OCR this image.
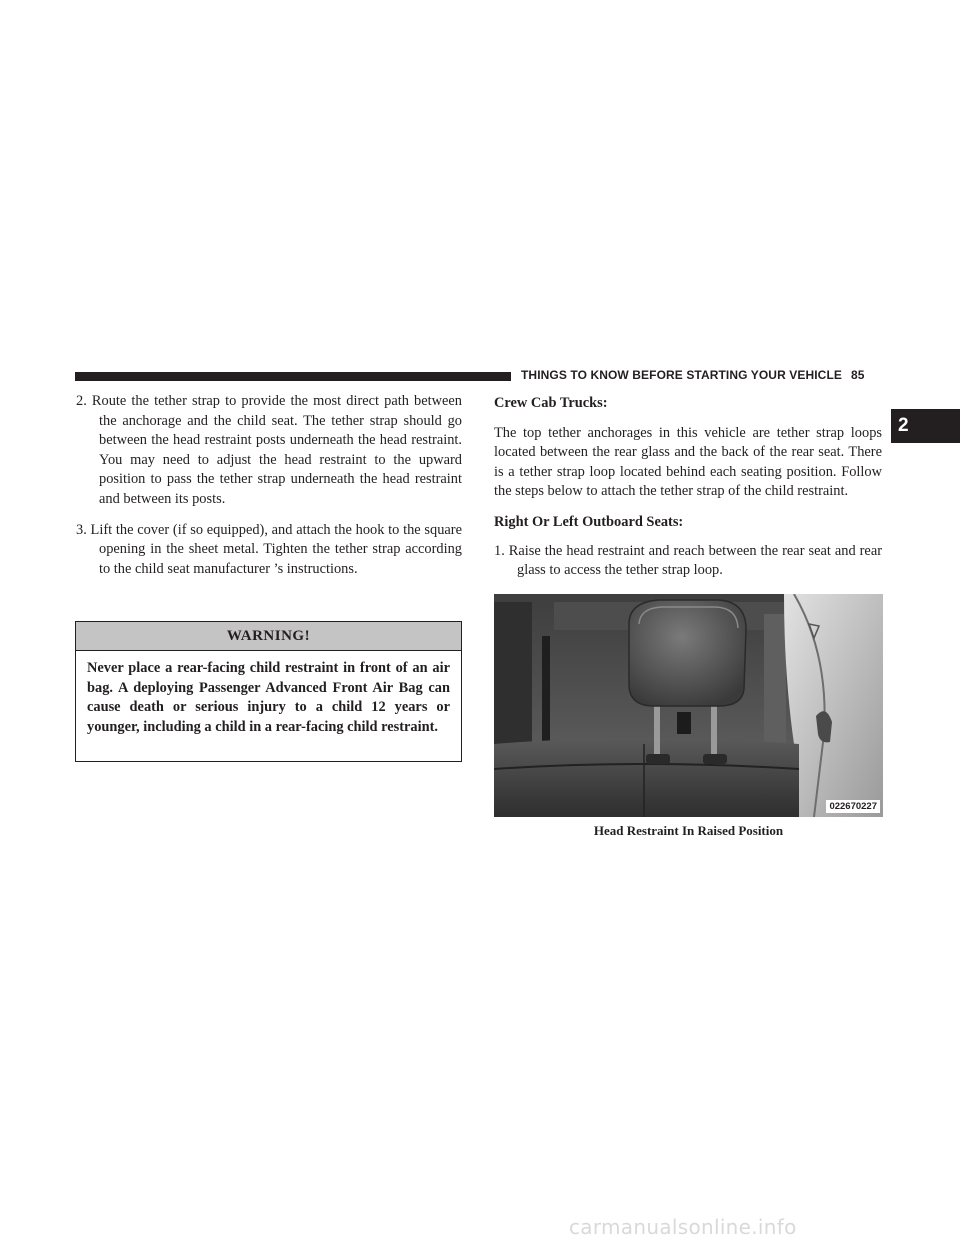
THINGS TO KNOW BEFORE STARTING YOUR VEHICLE 85
2

2. Route the tether strap to provide the most direct path between the anchorage and the child seat. The tether strap should go between the head restraint posts underneath the head restraint. You may need to adjust the head restraint to the upward position to pass the tether strap underneath the head restraint and between its posts.

3. Lift the cover (if so equipped), and attach the hook to the square opening in the sheet metal. Tighten the tether strap according to the child seat manufacturer ’s instructions.

WARNING!
Never place a rear-facing child restraint in front of an air bag. A deploying Passenger Advanced Front Air Bag can cause death or serious injury to a child 12 years or younger, including a child in a rear-facing child restraint.

Crew Cab Trucks:

The top tether anchorages in this vehicle are tether strap loops located between the rear glass and the back of the rear seat. There is a tether strap loop located behind each seating position. Follow the steps below to attach the tether strap of the child restraint.

Right Or Left Outboard Seats:

1. Raise the head restraint and reach between the rear seat and rear glass to access the tether strap loop.

022670227
Head Restraint In Raised Position
carmanualsonline.info
